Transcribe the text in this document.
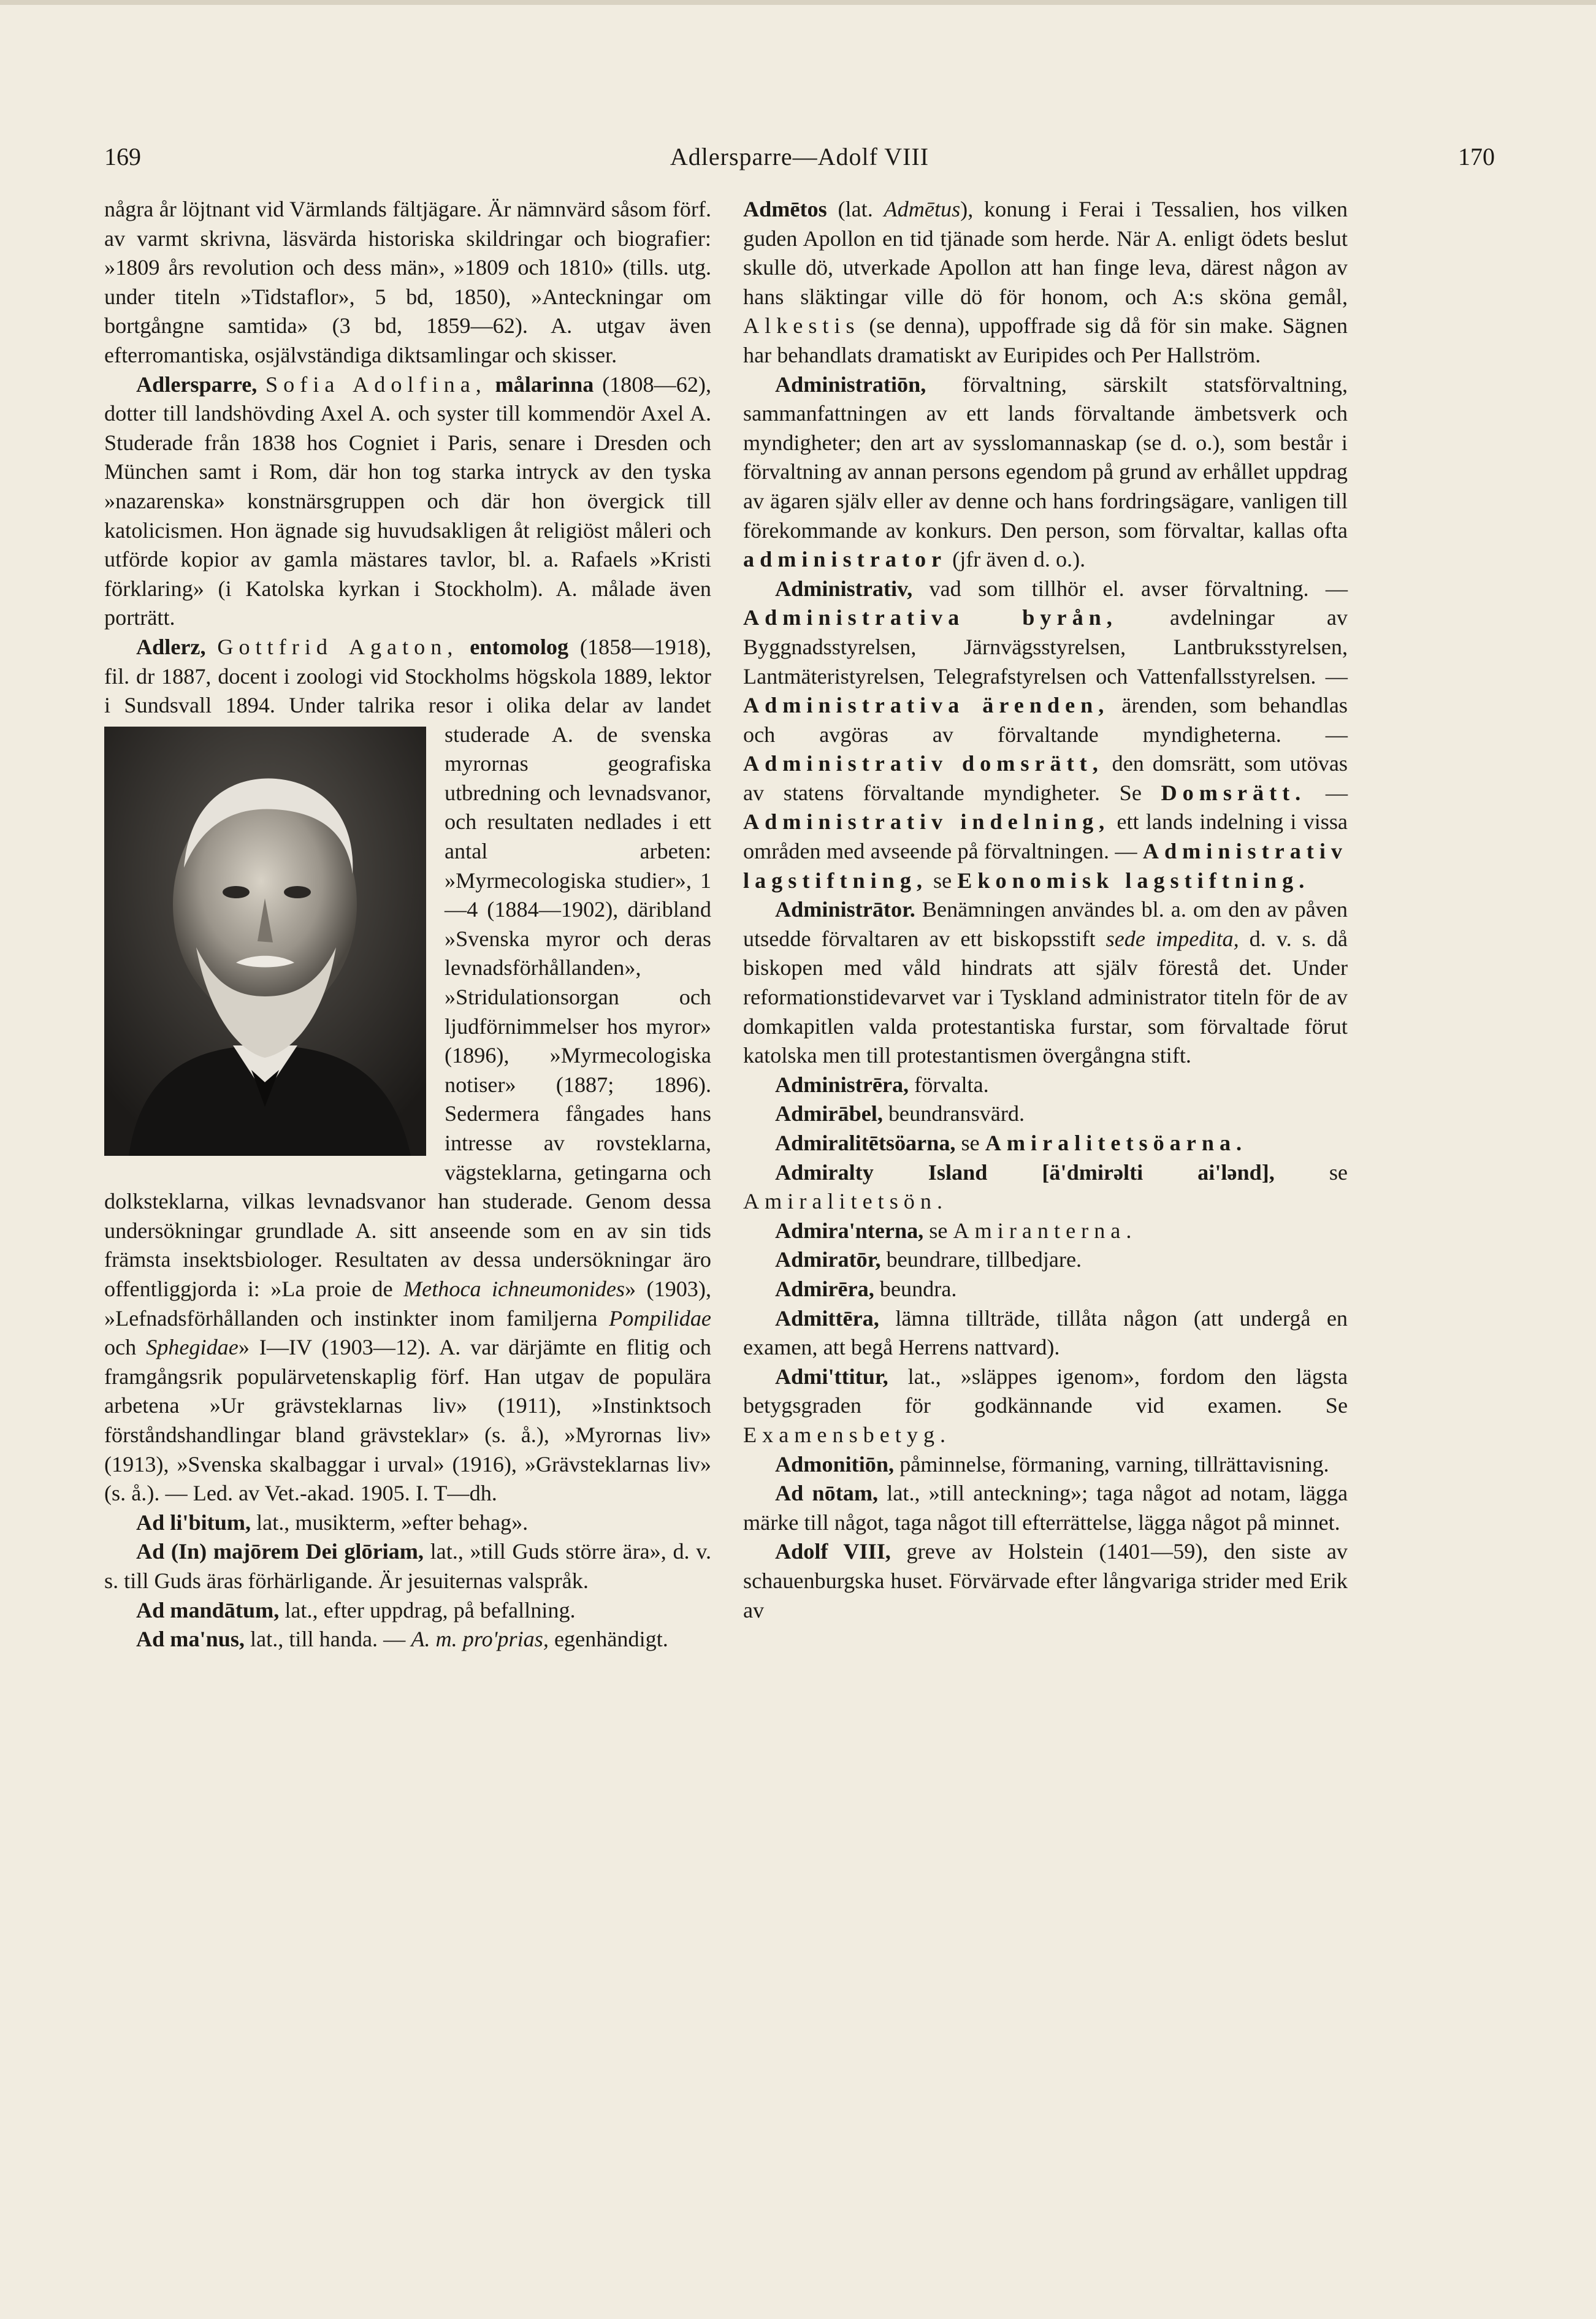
169	Adlersparre—Adolf VIII	170

några år löjtnant vid Värmlands fältjägare. Är nämnvärd såsom förf. av varmt skrivna, läsvärda historiska skildringar och biografier: »1809 års revolution och dess män», »1809 och 1810» (tills. utg. under titeln »Tidstaflor», 5 bd, 1850), »Anteckningar om bortgångne samtida» (3 bd, 1859—62). A. utgav även efterromantiska, osjälvständiga diktsamlingar och skisser.

Adlersparre, Sofia Adolfina, målarinna (1808—62), dotter till landshövding Axel A. och syster till kommendör Axel A. Studerade från 1838 hos Cogniet i Paris, senare i Dresden och München samt i Rom, där hon tog starka intryck av den tyska »nazarenska» konstnärsgruppen och där hon övergick till katolicismen. Hon ägnade sig huvudsakligen åt religiöst måleri och utförde kopior av gamla mästares tavlor, bl. a. Rafaels »Kristi förklaring» (i Katolska kyrkan i Stockholm). A. målade även porträtt.

Adlerz, Gottfrid Agaton, entomolog (1858—1918), fil. dr 1887, docent i zoologi vid Stockholms högskola 1889, lektor i Sundsvall 1894. Under talrika resor i olika delar av lan
det studerade A. de svenska myrornas geografiska utbredning och levnadsvanor, och resultaten nedlades i ett antal arbeten: »Myrmecologiska studier», 1—4 (1884—1902), däribland »Svenska myror och deras levnadsförhållanden», »Stridulationsorgan och ljudförnimmelser hos myror» (1896), »Myrmecologiska notiser» (1887; 1896). Sedermera fångades hans intresse av rovsteklarna, vägsteklarna, getingarna och dolksteklarna, vilkas levnadsvanor han studerade. Genom dessa undersökningar grundlade A. sitt anseende som en av sin tids främsta insektsbiologer. Resultaten av dessa undersökningar äro offentliggjorda i: »La proie de Methoca ichneumonides» (1903), »Lefnadsförhållanden och instinkter inom familjerna Pompilidae och Sphegidae» I—IV (1903—12). A. var därjämte en flitig och framgångsrik populärvetenskaplig förf. Han utgav de populära arbetena »Ur grävsteklarnas liv» (1911), »Instinktsoch förståndshandlingar bland grävsteklar» (s. å.), »Myrornas liv» (1913), »Svenska skalbaggar i urval» (1916), »Grävsteklarnas liv» (s. å.). — Led. av Vet.-akad. 1905. I. T—dh.

Ad li'bitum, lat., musikterm, »efter behag».

Ad (In) majōrem Dei glōriam, lat., »till Guds större ära», d. v. s. till Guds äras förhärligande. Är jesuiternas valspråk.

Ad mandātum, lat., efter uppdrag, på befallning.

Ad ma'nus, lat., till handa. — A. m. pro'prias, egenhändigt.

Admētos (lat. Admētus), konung i Ferai i Tessalien, hos vilken guden Apollon en tid tjänade som herde. När A. enligt ödets beslut skulle dö, utverkade Apollon att han finge leva, därest någon av hans släktingar ville dö för honom, och A:s sköna gemål, Alkestis (se denna), uppoffrade sig då för sin make. Sägnen har behandlats dramatiskt av Euripides och Per Hallström.

Administratiōn, förvaltning, särskilt statsförvaltning, sammanfattningen av ett lands förvaltande ämbetsverk och myndigheter; den art av sysslomannaskap (se d. o.), som består i förvaltning av annan persons egendom på grund av erhållet uppdrag av ägaren själv eller av denne och hans fordringsägare, vanligen till förekommande av konkurs. Den person, som förvaltar, kallas ofta administrator (jfr även d. o.).

Administrativ, vad som tillhör el. avser förvaltning. — Administrativa byrån, avdelningar av Byggnadsstyrelsen, Järnvägsstyrelsen, Lantbruksstyrelsen, Lantmäteristyrelsen, Telegrafstyrelsen och Vattenfallsstyrelsen. — Administrativa ärenden, ärenden, som behandlas och avgöras av förvaltande myndigheterna. — Administrativ domsrätt, den domsrätt, som utövas av statens förvaltande myndigheter. Se Domsrätt. — Administrativ indelning, ett lands indelning i vissa områden med avseende på förvaltningen. — Administrativ lagstiftning, se Ekonomisk lagstiftning.

Administrātor. Benämningen användes bl. a. om den av påven utsedde förvaltaren av ett biskopsstift sede impedita, d. v. s. då biskopen med våld hindrats att själv förestå det. Under reformationstidevarvet var i Tyskland administrator titeln för de av domkapitlen valda protestantiska furstar, som förvaltade förut katolska men till protestantismen övergångna stift.

Administrēra, förvalta.

Admirābel, beundransvärd.

Admiralitētsöarna, se Amiralitetsöarna.

Admiralty Island [ä'dmirəlti ai'lənd], se Amiralitetsön.

Admira'nterna, se Amiranterna.

Admiratōr, beundrare, tillbedjare.

Admirēra, beundra.

Admittēra, lämna tillträde, tillåta någon (att undergå en examen, att begå Herrens nattvard).

Admi'ttitur, lat., »släppes igenom», fordom den lägsta betygsgraden för godkännande vid examen. Se Examensbetyg.

Admonitiōn, påminnelse, förmaning, varning, tillrättavisning.

Ad nōtam, lat., »till anteckning»; taga något ad notam, lägga märke till något, taga något till efterrättelse, lägga något på minnet.

Adolf VIII, greve av Holstein (1401—59), den siste av schauenburgska huset. Förvärvade efter långvariga strider med Erik av
